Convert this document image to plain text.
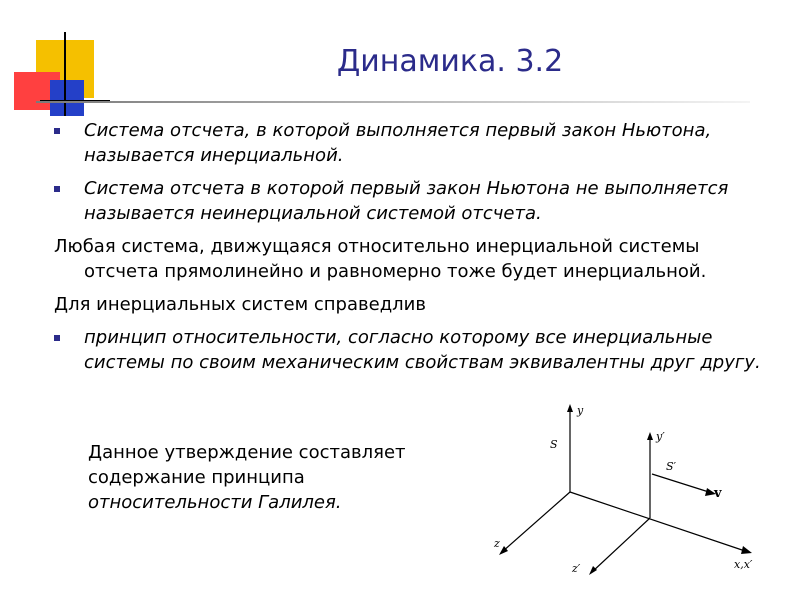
Динамика. 3.2
Система отсчета, в которой выполняется первый закон Ньютона, называется инерциальной.
Система отсчета в которой первый закон Ньютона не выполняется называется неинерциальной системой отсчета.
Любая система, движущаяся относительно инерциальной системы отсчета прямолинейно и равномерно тоже будет инерциальной.
Для инерциальных систем справедлив
принцип относительности, согласно которому все инерциальные системы по своим механическим свойствам эквивалентны друг другу.
Данное утверждение составляет
содержание принципа
относительности Галилея.
y
S
y′
S′
v
z
z′	x,x′
